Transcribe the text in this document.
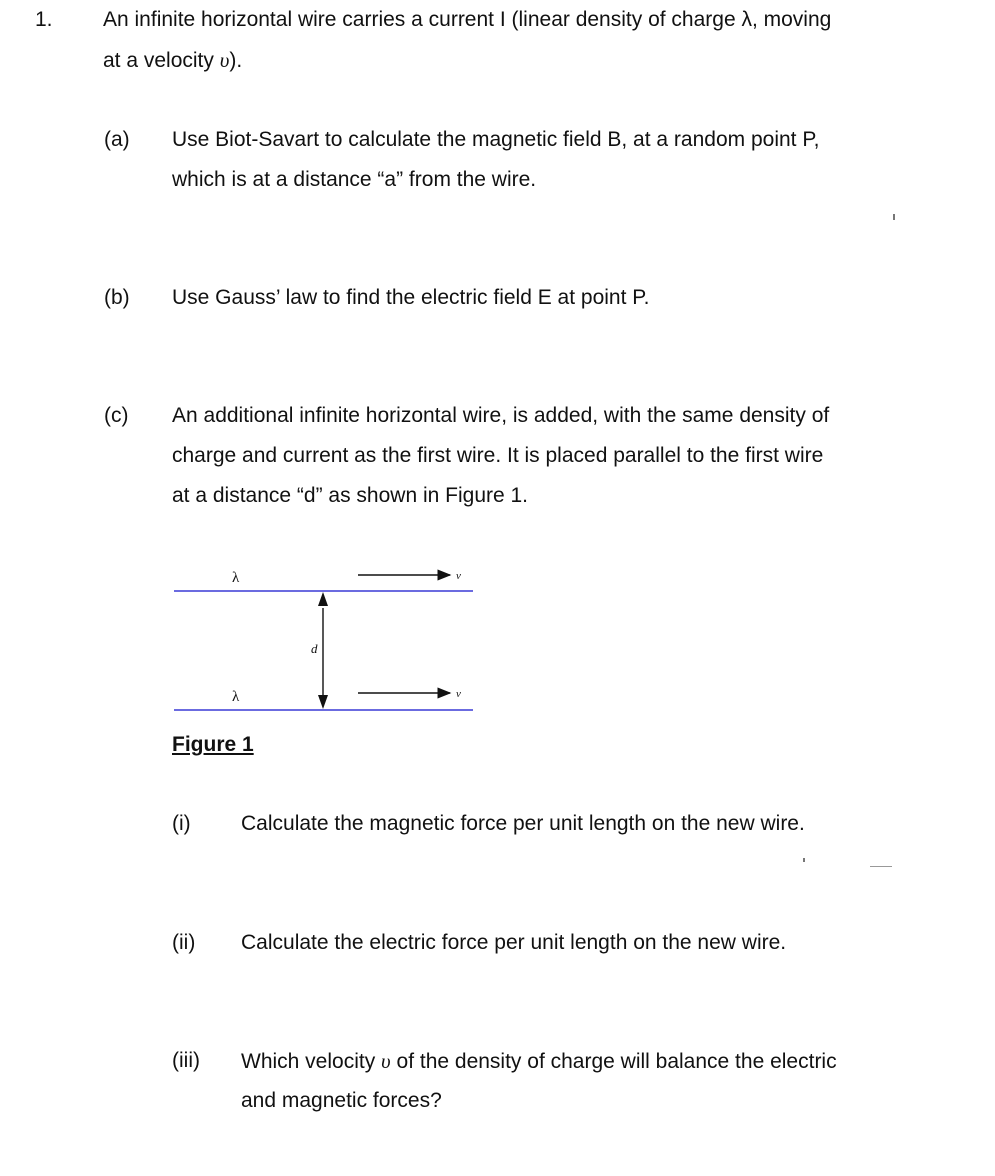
1. An infinite horizontal wire carries a current I (linear density of charge λ, moving
at a velocity υ).
(a) Use Biot-Savart to calculate the magnetic field B, at a random point P,
which is at a distance “a” from the wire.
(b) Use Gauss’ law to find the electric field E at point P.
(c) An additional infinite horizontal wire, is added, with the same density of
charge and current as the first wire. It is placed parallel to the first wire
at a distance “d” as shown in Figure 1.
λ
λ
v
v
d
Figure 1
(i) Calculate the magnetic force per unit length on the new wire.
(ii) Calculate the electric force per unit length on the new wire.
(iii) Which velocity υ of the density of charge will balance the electric
and magnetic forces?
